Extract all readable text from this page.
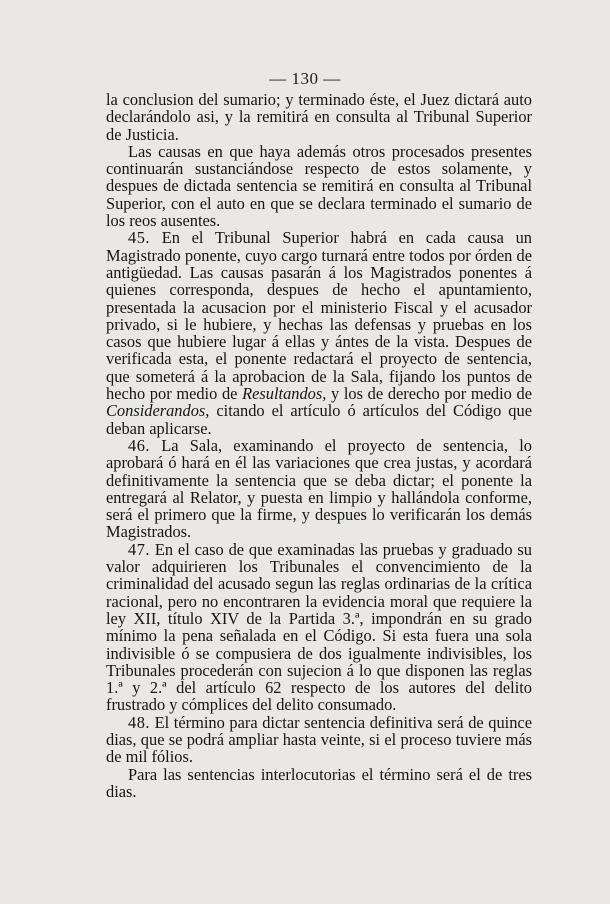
— 130 —

la conclusion del sumario; y terminado éste, el Juez dictará auto declarándolo asi, y la remitirá en consulta al Tribunal Superior de Justicia.

Las causas en que haya además otros procesados presentes continuarán sustanciándose respecto de estos solamente, y despues de dictada sentencia se remitirá en consulta al Tribunal Superior, con el auto en que se declara terminado el sumario de los reos ausentes.

45. En el Tribunal Superior habrá en cada causa un Magistrado ponente, cuyo cargo turnará entre todos por órden de antigüedad. Las causas pasarán á los Magistrados ponentes á quienes corresponda, despues de hecho el apuntamiento, presentada la acusacion por el ministerio Fiscal y el acusador privado, si le hubiere, y hechas las defensas y pruebas en los casos que hubiere lugar á ellas y ántes de la vista. Despues de verificada esta, el ponente redactará el proyecto de sentencia, que someterá á la aprobacion de la Sala, fijando los puntos de hecho por medio de Resultandos, y los de derecho por medio de Considerandos, citando el artículo ó artículos del Código que deban aplicarse.

46. La Sala, examinando el proyecto de sentencia, lo aprobará ó hará en él las variaciones que crea justas, y acordará definitivamente la sentencia que se deba dictar; el ponente la entregará al Relator, y puesta en limpio y hallándola conforme, será el primero que la firme, y despues lo verificarán los demás Magistrados.

47. En el caso de que examinadas las pruebas y graduado su valor adquirieren los Tribunales el convencimiento de la criminalidad del acusado segun las reglas ordinarias de la crítica racional, pero no encontraren la evidencia moral que requiere la ley XII, título XIV de la Partida 3.ª, impondrán en su grado mínimo la pena señalada en el Código. Si esta fuera una sola indivisible ó se compusiera de dos igualmente indivisibles, los Tribunales procederán con sujecion á lo que disponen las reglas 1.ª y 2.ª del artículo 62 respecto de los autores del delito frustrado y cómplices del delito consumado.

48. El término para dictar sentencia definitiva será de quince dias, que se podrá ampliar hasta veinte, si el proceso tuviere más de mil fólios.

Para las sentencias interlocutorias el término será el de tres dias.
